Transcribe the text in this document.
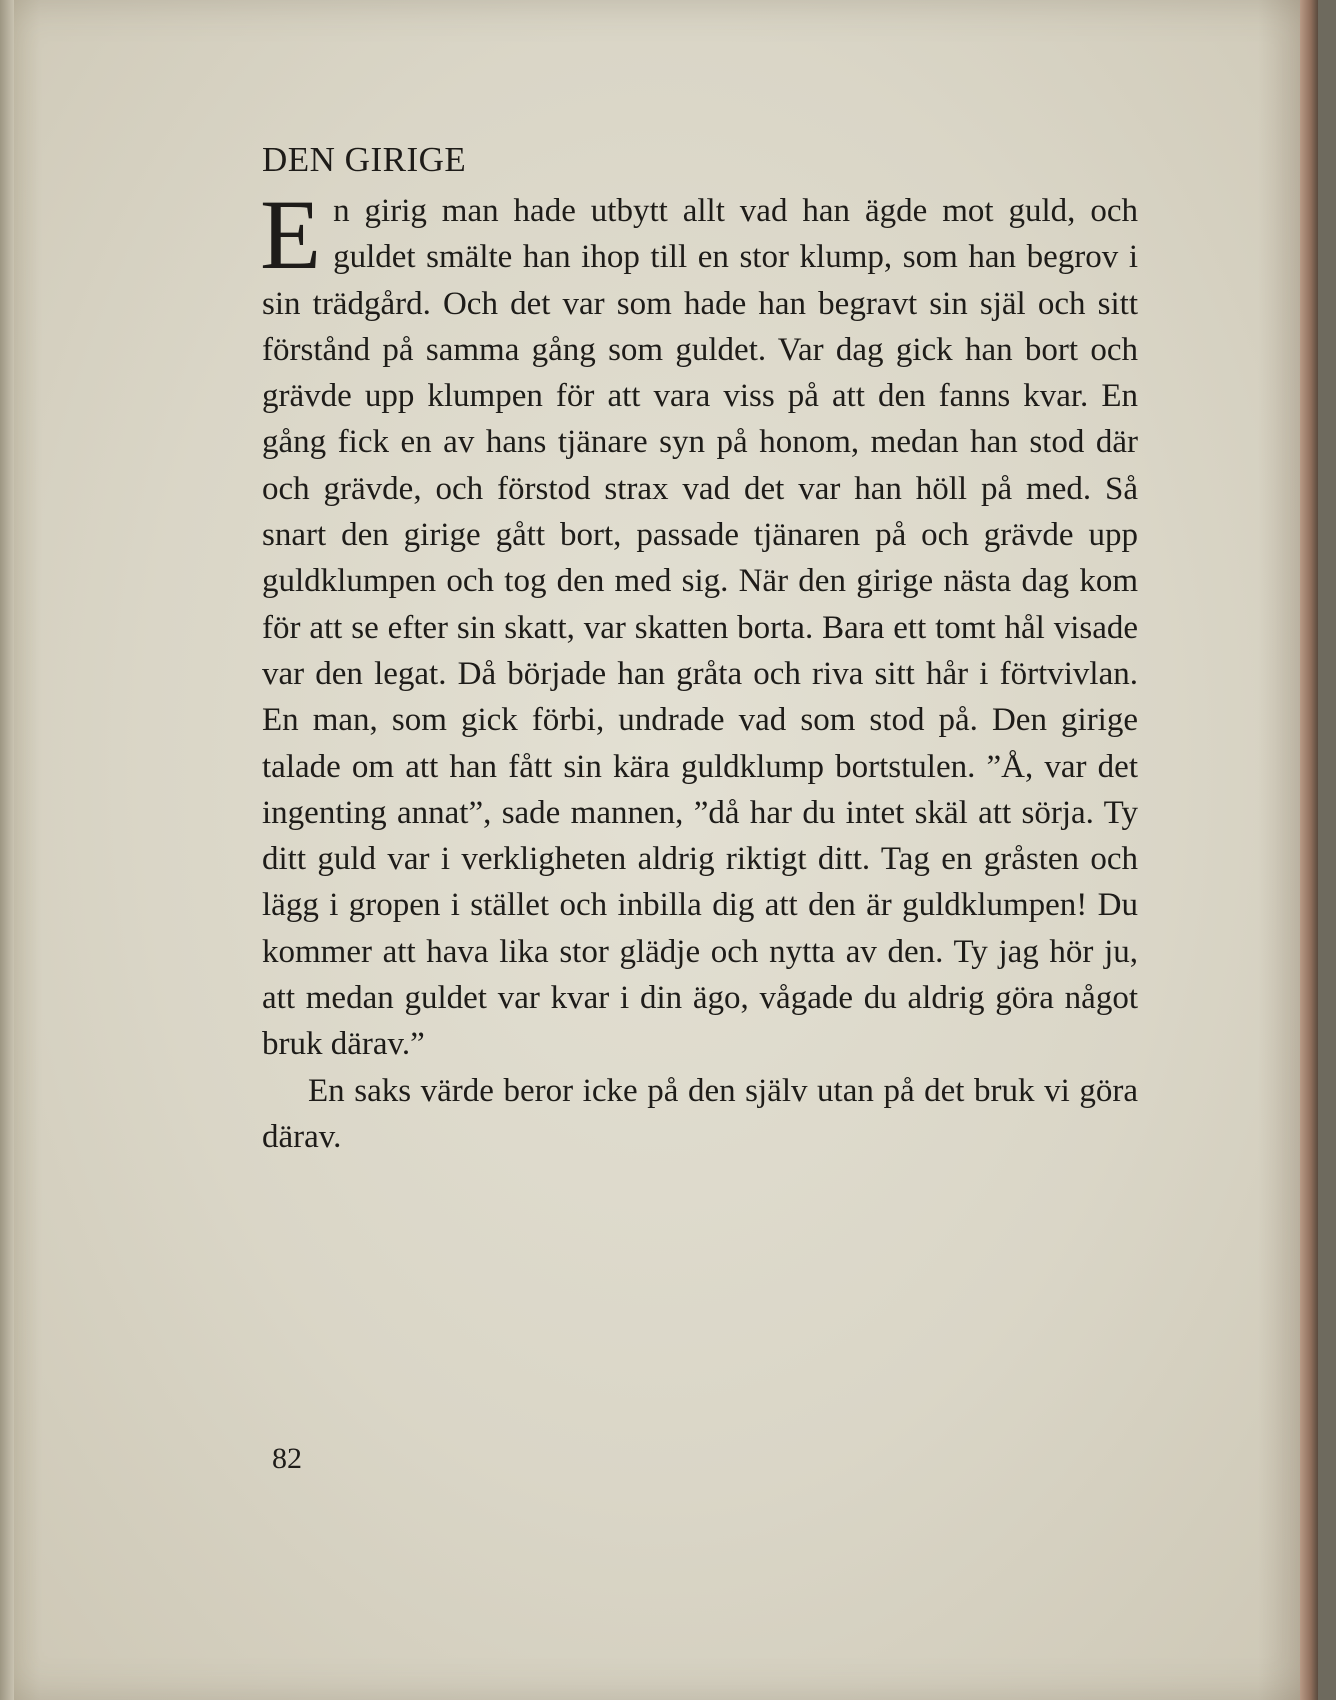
DEN GIRIGE

En girig man hade utbytt allt vad han ägde mot guld, och guldet smälte han ihop till en stor klump, som han begrov i sin trädgård. Och det var som hade han begravt sin själ och sitt förstånd på samma gång som guldet. Var dag gick han bort och grävde upp klumpen för att vara viss på att den fanns kvar. En gång fick en av hans tjänare syn på honom, medan han stod där och grävde, och förstod strax vad det var han höll på med. Så snart den girige gått bort, passade tjänaren på och grävde upp guldklumpen och tog den med sig. När den girige nästa dag kom för att se efter sin skatt, var skatten borta. Bara ett tomt hål visade var den legat. Då började han gråta och riva sitt hår i förtvivlan. En man, som gick förbi, undrade vad som stod på. Den girige talade om att han fått sin kära guldklump bortstulen. ”Å, var det ingenting annat”, sade mannen, ”då har du intet skäl att sörja. Ty ditt guld var i verkligheten aldrig riktigt ditt. Tag en gråsten och lägg i gropen i stället och inbilla dig att den är guldklumpen! Du kommer att hava lika stor glädje och nytta av den. Ty jag hör ju, att medan guldet var kvar i din ägo, vågade du aldrig göra något bruk därav.”

En saks värde beror icke på den själv utan på det bruk vi göra därav.

82
